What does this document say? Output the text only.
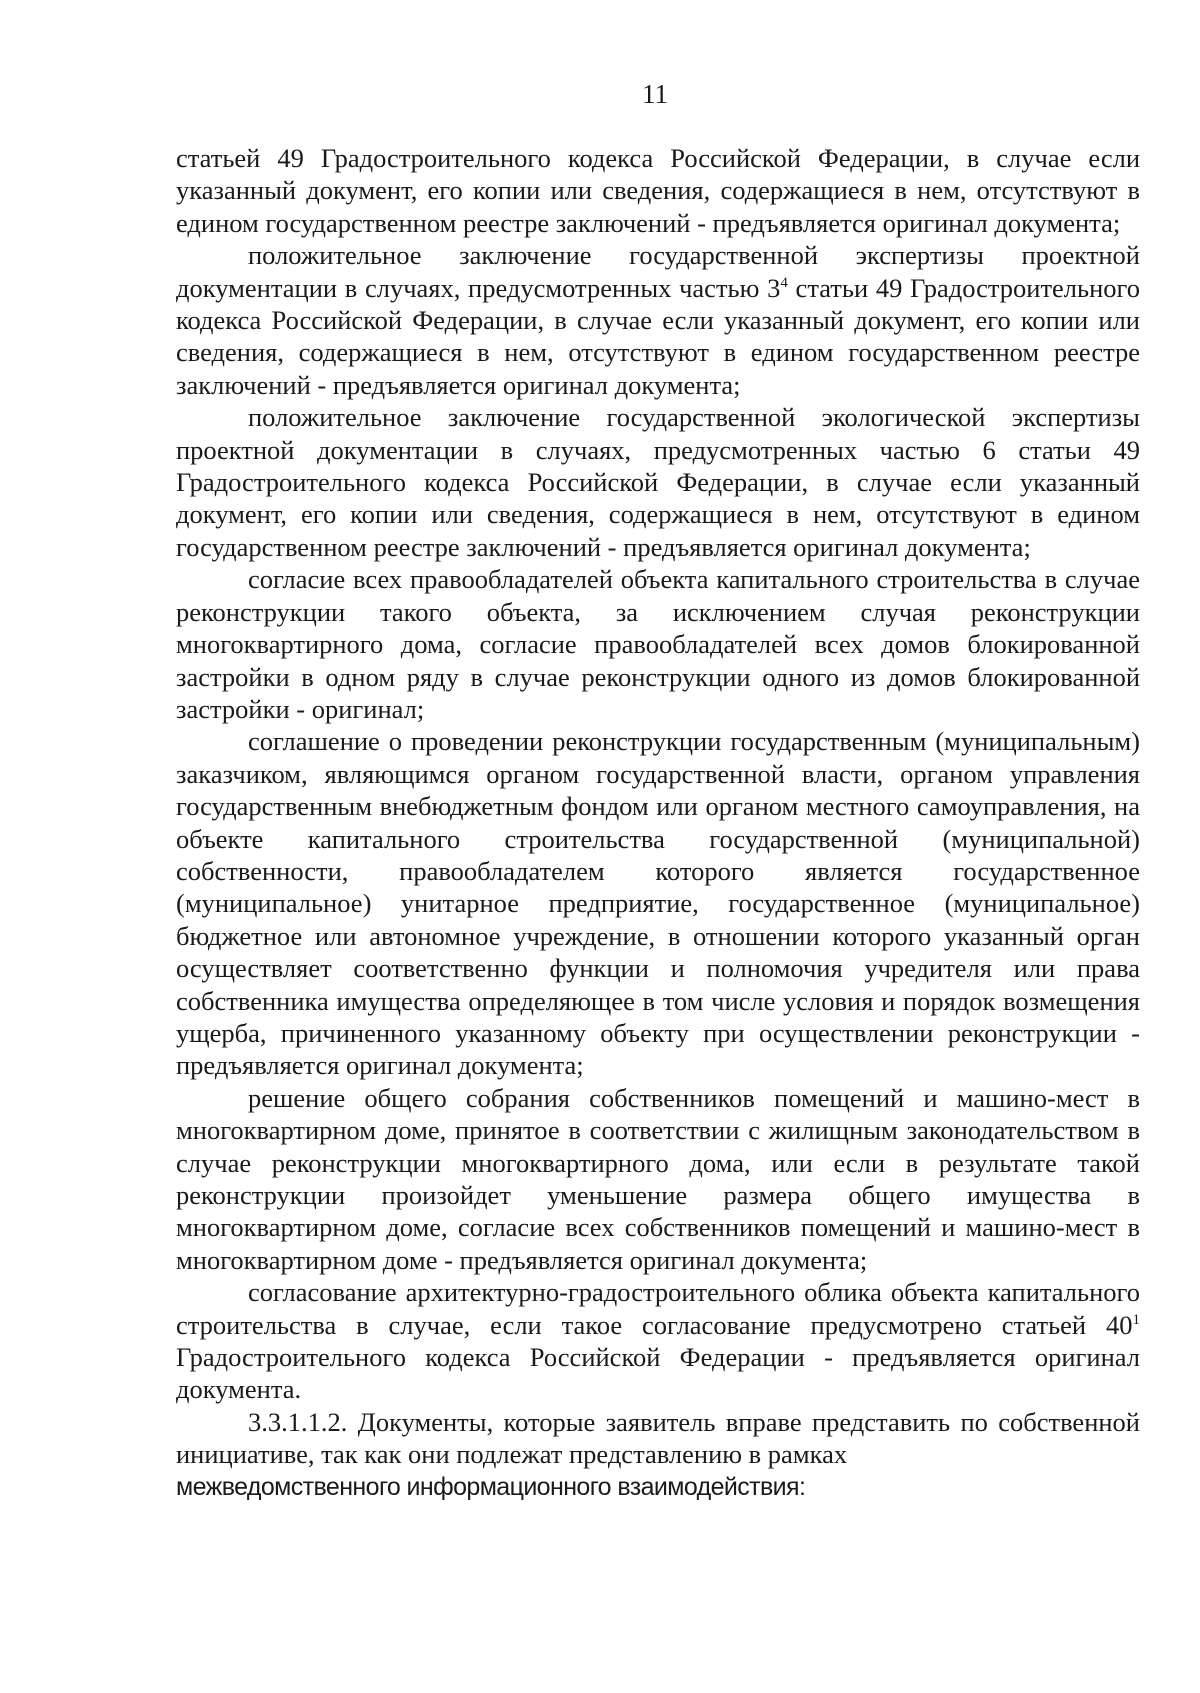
11

статьей 49 Градостроительного кодекса Российской Федерации, в случае если указанный документ, его копии или сведения, содержащиеся в нем, отсутствуют в едином государственном реестре заключений - предъявляется оригинал документа;

положительное заключение государственной экспертизы проектной документации в случаях, предусмотренных частью $3^4$ статьи 49 Градостроительного кодекса Российской Федерации, в случае если указанный документ, его копии или сведения, содержащиеся в нем, отсутствуют в едином государственном реестре заключений - предъявляется оригинал документа;

положительное заключение государственной экологической экспертизы проектной документации в случаях, предусмотренных частью 6 статьи 49 Градостроительного кодекса Российской Федерации, в случае если указанный документ, его копии или сведения, содержащиеся в нем, отсутствуют в едином государственном реестре заключений - предъявляется оригинал документа;

согласие всех правообладателей объекта капитального строительства в случае реконструкции такого объекта, за исключением случая реконструкции многоквартирного дома, согласие правообладателей всех домов блокированной застройки в одном ряду в случае реконструкции одного из домов блокированной застройки - оригинал;

соглашение о проведении реконструкции государственным (муниципальным) заказчиком, являющимся органом государственной власти, органом управления государственным внебюджетным фондом или органом местного самоуправления, на объекте капитального строительства государственной (муниципальной) собственности, правообладателем которого является государственное (муниципальное) унитарное предприятие, государственное (муниципальное) бюджетное или автономное учреждение, в отношении которого указанный орган осуществляет соответственно функции и полномочия учредителя или права собственника имущества определяющее в том числе условия и порядок возмещения ущерба, причиненного указанному объекту при осуществлении реконструкции - предъявляется оригинал документа;

решение общего собрания собственников помещений и машино-мест в многоквартирном доме, принятое в соответствии с жилищным законодательством в случае реконструкции многоквартирного дома, или если в результате такой реконструкции произойдет уменьшение размера общего имущества в многоквартирном доме, согласие всех собственников помещений и машино-мест в многоквартирном доме - предъявляется оригинал документа;

согласование архитектурно-градостроительного облика объекта капитального строительства в случае, если такое согласование предусмотрено статьей $40^1$ Градостроительного кодекса Российской Федерации - предъявляется оригинал документа.

3.3.1.1.2. Документы, которые заявитель вправе представить по собственной инициативе, так как они подлежат представлению в рамках

межведомственного информационного взаимодействия:
